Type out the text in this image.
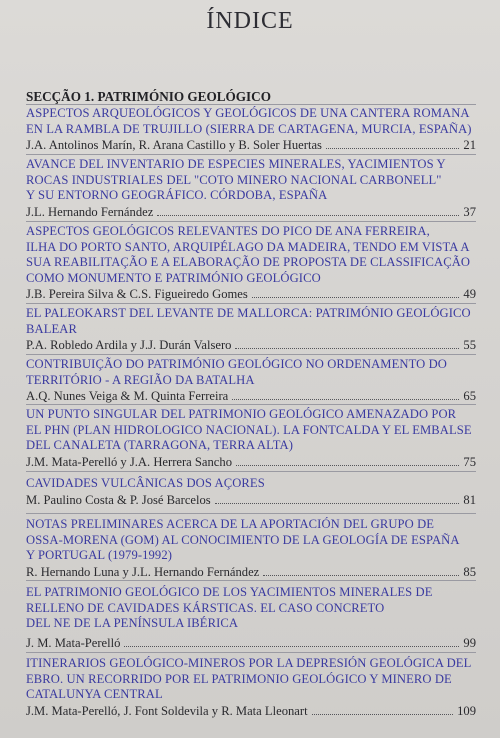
ÍNDICE
SECÇÃO 1. PATRIMÓNIO GEOLÓGICO
ASPECTOS ARQUEOLÓGICOS Y GEOLÓGICOS DE UNA CANTERA ROMANA
EN LA RAMBLA DE TRUJILLO (SIERRA DE CARTAGENA, MURCIA, ESPAÑA)
J.A. Antolinos Marín, R. Arana Castillo y B. Soler Huertas	21
AVANCE DEL INVENTARIO DE ESPECIES MINERALES, YACIMIENTOS Y
ROCAS INDUSTRIALES DEL "COTO MINERO NACIONAL CARBONELL"
Y SU ENTORNO GEOGRÁFICO. CÓRDOBA, ESPAÑA
J.L. Hernando Fernández	37
ASPECTOS GEOLÓGICOS RELEVANTES DO PICO DE ANA FERREIRA,
ILHA DO PORTO SANTO, ARQUIPÉLAGO DA MADEIRA, TENDO EM VISTA A
SUA REABILITAÇÃO E A ELABORAÇÃO DE PROPOSTA DE CLASSIFICAÇÃO
COMO MONUMENTO E PATRIMÓNIO GEOLÓGICO
J.B. Pereira Silva & C.S. Figueiredo Gomes	49
EL PALEOKARST DEL LEVANTE DE MALLORCA: PATRIMÓNIO GEOLÓGICO
BALEAR
P.A. Robledo Ardila y J.J. Durán Valsero	55
CONTRIBUIÇÃO DO PATRIMÓNIO GEOLÓGICO NO ORDENAMENTO DO
TERRITÓRIO - A REGIÃO DA BATALHA
A.Q. Nunes Veiga & M. Quinta Ferreira	65
UN PUNTO SINGULAR DEL PATRIMONIO GEOLÓGICO AMENAZADO POR
EL PHN (PLAN HIDROLOGICO NACIONAL). LA FONTCALDA Y EL EMBALSE
DEL CANALETA (TARRAGONA, TERRA ALTA)
J.M. Mata-Perelló y J.A. Herrera Sancho	75
CAVIDADES VULCÂNICAS DOS AÇORES
M. Paulino Costa & P. José Barcelos	81
NOTAS PRELIMINARES ACERCA DE LA APORTACIÓN DEL GRUPO DE
OSSA-MORENA (GOM) AL CONOCIMIENTO DE LA GEOLOGÍA DE ESPAÑA
Y PORTUGAL (1979-1992)
R. Hernando Luna y J.L. Hernando Fernández	85
EL PATRIMONIO GEOLÓGICO DE LOS YACIMIENTOS MINERALES DE
RELLENO DE CAVIDADES KÁRSTICAS. EL CASO CONCRETO
DEL NE DE LA PENÍNSULA IBÉRICA
J. M. Mata-Perelló	99
ITINERARIOS GEOLÓGICO-MINEROS POR LA DEPRESIÓN GEOLÓGICA DEL
EBRO. UN RECORRIDO POR EL PATRIMONIO GEOLÓGICO Y MINERO DE
CATALUNYA CENTRAL
J.M. Mata-Perelló, J. Font Soldevila y R. Mata Lleonart	109
